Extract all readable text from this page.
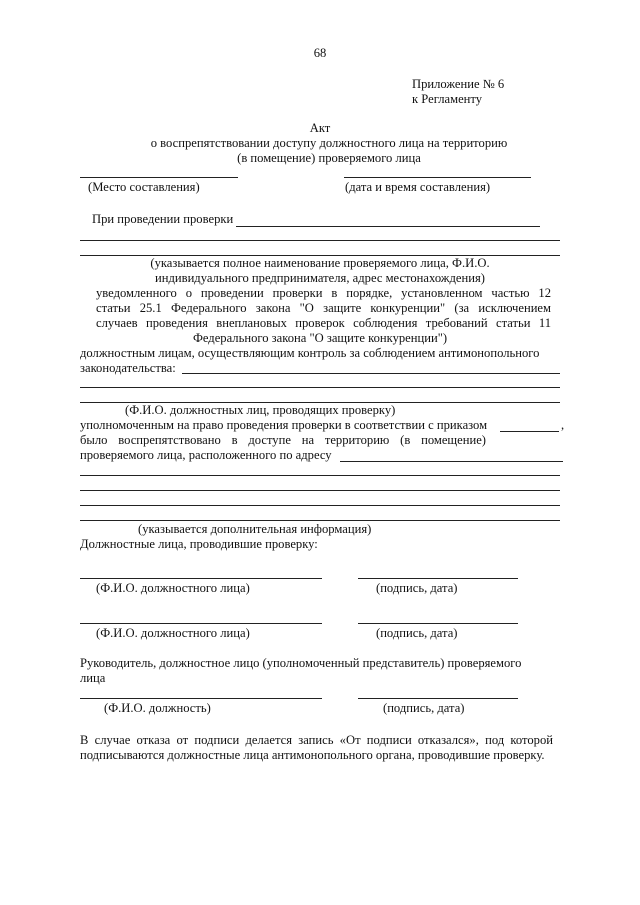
68
Приложение № 6
к Регламенту
Акт
о воспрепятствовании доступу должностного лица на территорию
(в помещение) проверяемого лица
(Место составления)	(дата и время составления)
При проведении проверки
(указывается полное наименование проверяемого лица, Ф.И.О.
индивидуального предпринимателя, адрес местонахождения)
уведомленного о проведении проверки в порядке, установленном частью 12
статьи 25.1 Федерального закона "О защите конкуренции" (за исключением
случаев проведения внеплановых проверок соблюдения требований статьи 11
Федерального закона "О защите конкуренции")
должностным лицам, осуществляющим контроль за соблюдением антимонопольного
законодательства:
(Ф.И.О. должностных лиц, проводящих проверку)
уполномоченным на право проведения проверки в соответствии с приказом	,
было воспрепятствовано в доступе на территорию (в помещение)
проверяемого лица, расположенного по адресу
(указывается дополнительная информация)
Должностные лица, проводившие проверку:
(Ф.И.О. должностного лица)	(подпись, дата)
(Ф.И.О. должностного лица)	(подпись, дата)
Руководитель, должностное лицо (уполномоченный представитель) проверяемого
лица
(Ф.И.О. должность)	(подпись, дата)
В случае отказа от подписи делается запись «От подписи отказался», под которой
подписываются должностные лица антимонопольного органа, проводившие проверку.
